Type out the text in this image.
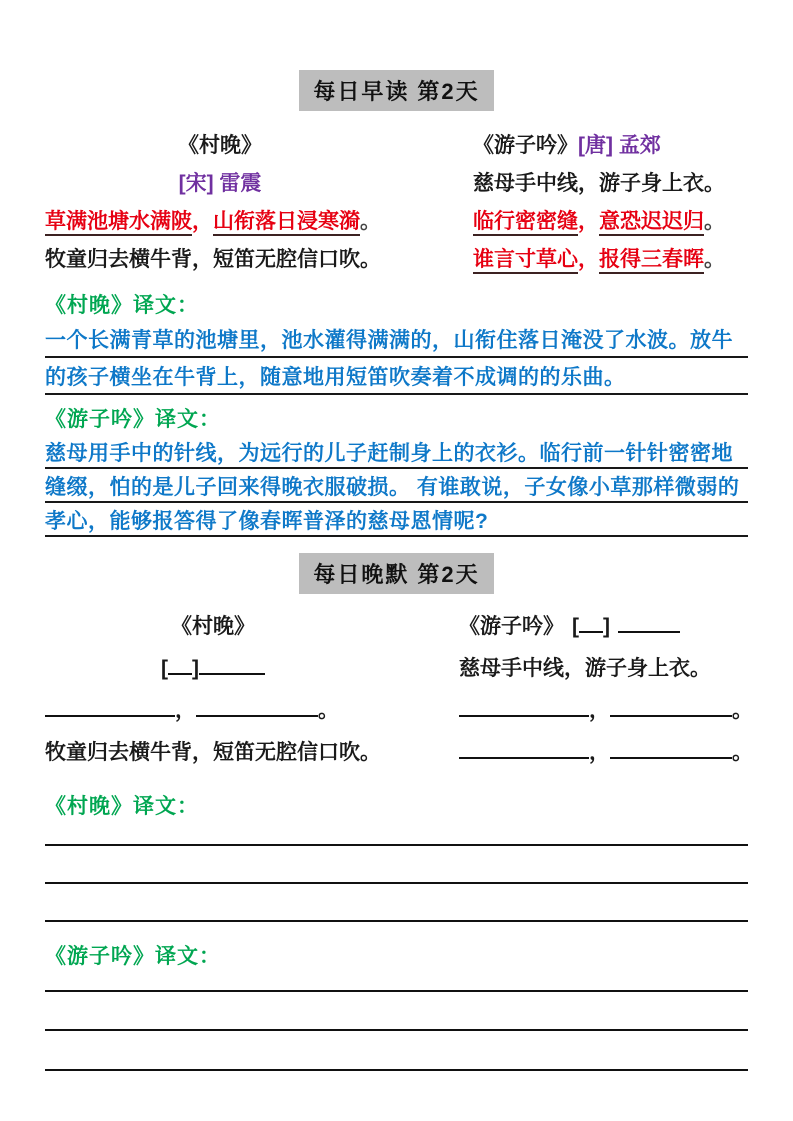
每日早读 第2天
《村晚》
[宋] 雷震
草满池塘水满陂，山衔落日浸寒漪。
牧童归去横牛背，短笛无腔信口吹。
《游子吟》[唐] 孟郊
慈母手中线，游子身上衣。
临行密密缝，意恐迟迟归。
谁言寸草心，报得三春晖。
《村晚》译文：
一个长满青草的池塘里，池水灌得满满的，山衔住落日淹没了水波。放牛
的孩子横坐在牛背上，随意地用短笛吹奏着不成调的的乐曲。
《游子吟》译文：
慈母用手中的针线，为远行的儿子赶制身上的衣衫。临行前一针针密密地
缝缀，怕的是儿子回来得晚衣服破损。 有谁敢说，子女像小草那样微弱的
孝心，能够报答得了像春晖普泽的慈母恩情呢?
每日晚默 第2天
《村晚》
[ ]
，	。
牧童归去横牛背，短笛无腔信口吹。
《游子吟》 [ ]
慈母手中线，游子身上衣。
，	。
，	。
《村晚》译文：
《游子吟》译文：
